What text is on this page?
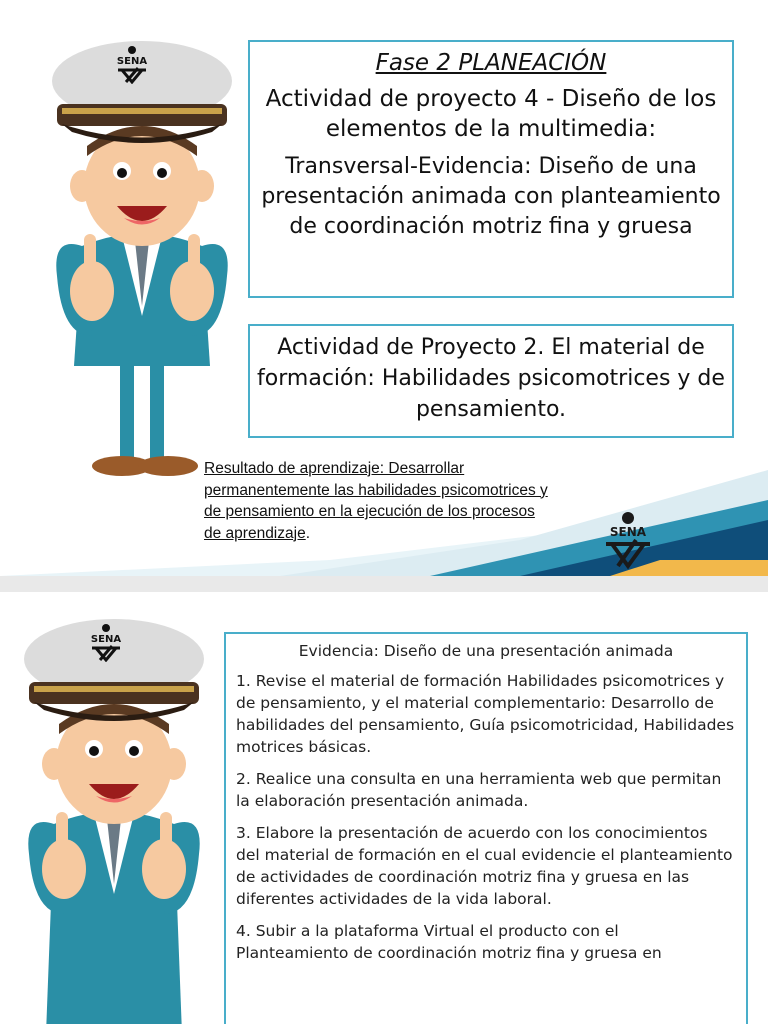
SENA	Fase 2 PLANEACIÓN

Actividad de proyecto 4 - Diseño de los elementos de la multimedia:

Transversal-Evidencia: Diseño de una presentación animada con planteamiento de coordinación motriz fina y gruesa

Actividad de Proyecto 2. El material de formación: Habilidades psicomotrices y de pensamiento.

Resultado de aprendizaje: Desarrollar permanentemente las habilidades psicomotrices y de pensamiento en la ejecución de los procesos de aprendizaje.	SENA
SENA

Evidencia: Diseño de una presentación animada

1. Revise el material de formación Habilidades psicomotrices y de pensamiento, y el material complementario: Desarrollo de habilidades del pensamiento, Guía psicomotricidad, Habilidades motrices básicas.

2. Realice una consulta en una herramienta web que permitan la elaboración presentación animada.

3. Elabore la presentación de acuerdo con los conocimientos del material de formación en el cual evidencie el planteamiento de actividades de coordinación motriz fina y gruesa en las diferentes actividades de la vida laboral.

4. Subir a la plataforma Virtual el producto con el Planteamiento de coordinación motriz fina y gruesa en
